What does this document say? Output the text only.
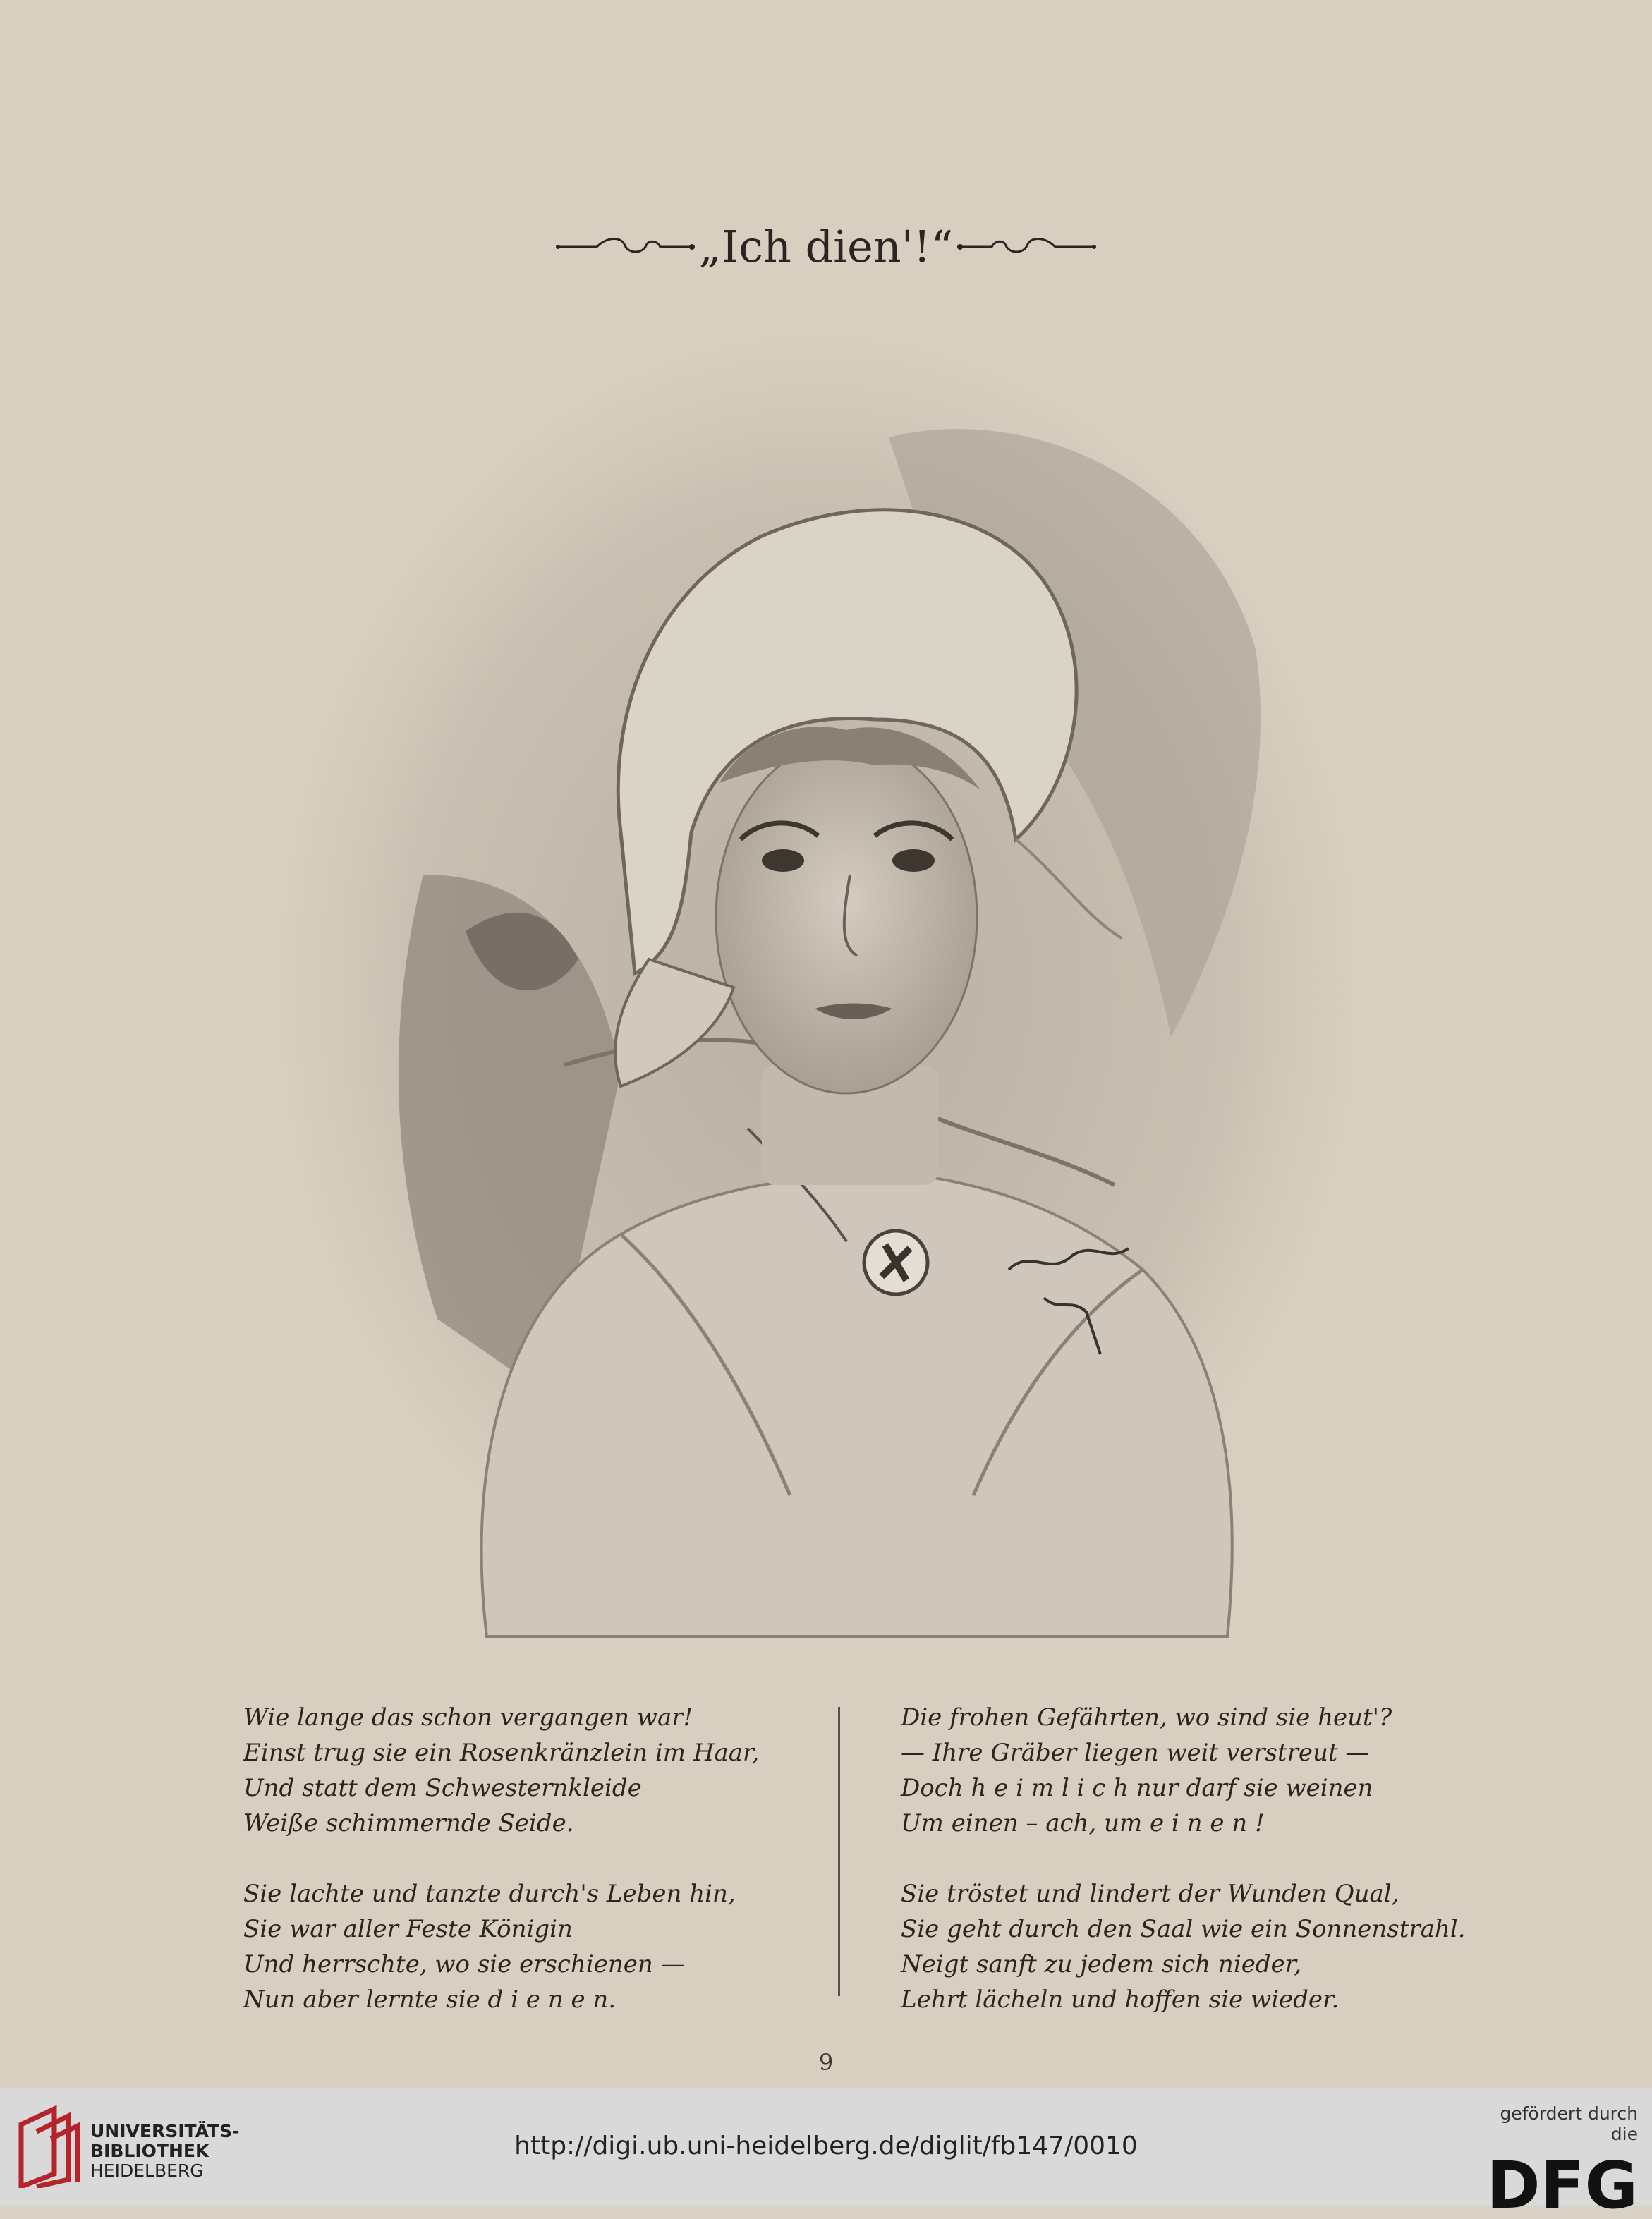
„Ich dien'!“
Wie lange das schon vergangen war!
Einst trug sie ein Rosenkränzlein im Haar,
Und statt dem Schwesternkleide
Weiße schimmernde Seide.
Sie lachte und tanzte durch's Leben hin,
Sie war aller Feste Königin
Und herrschte, wo sie erschienen —
Nun aber lernte sie d i e n e n.
Die frohen Gefährten, wo sind sie heut'?
— Ihre Gräber liegen weit verstreut —
Doch h e i m l i c h nur darf sie weinen
Um einen – ach, um e i n e n !
Sie tröstet und lindert der Wunden Qual,
Sie geht durch den Saal wie ein Sonnenstrahl.
Neigt sanft zu jedem sich nieder,
Lehrt lächeln und hoffen sie wieder.
9
UNIVERSITÄTS-
BIBLIOTHEK
HEIDELBERG
http://digi.ub.uni-heidelberg.de/diglit/fb147/0010
gefördert durch die
DFG
